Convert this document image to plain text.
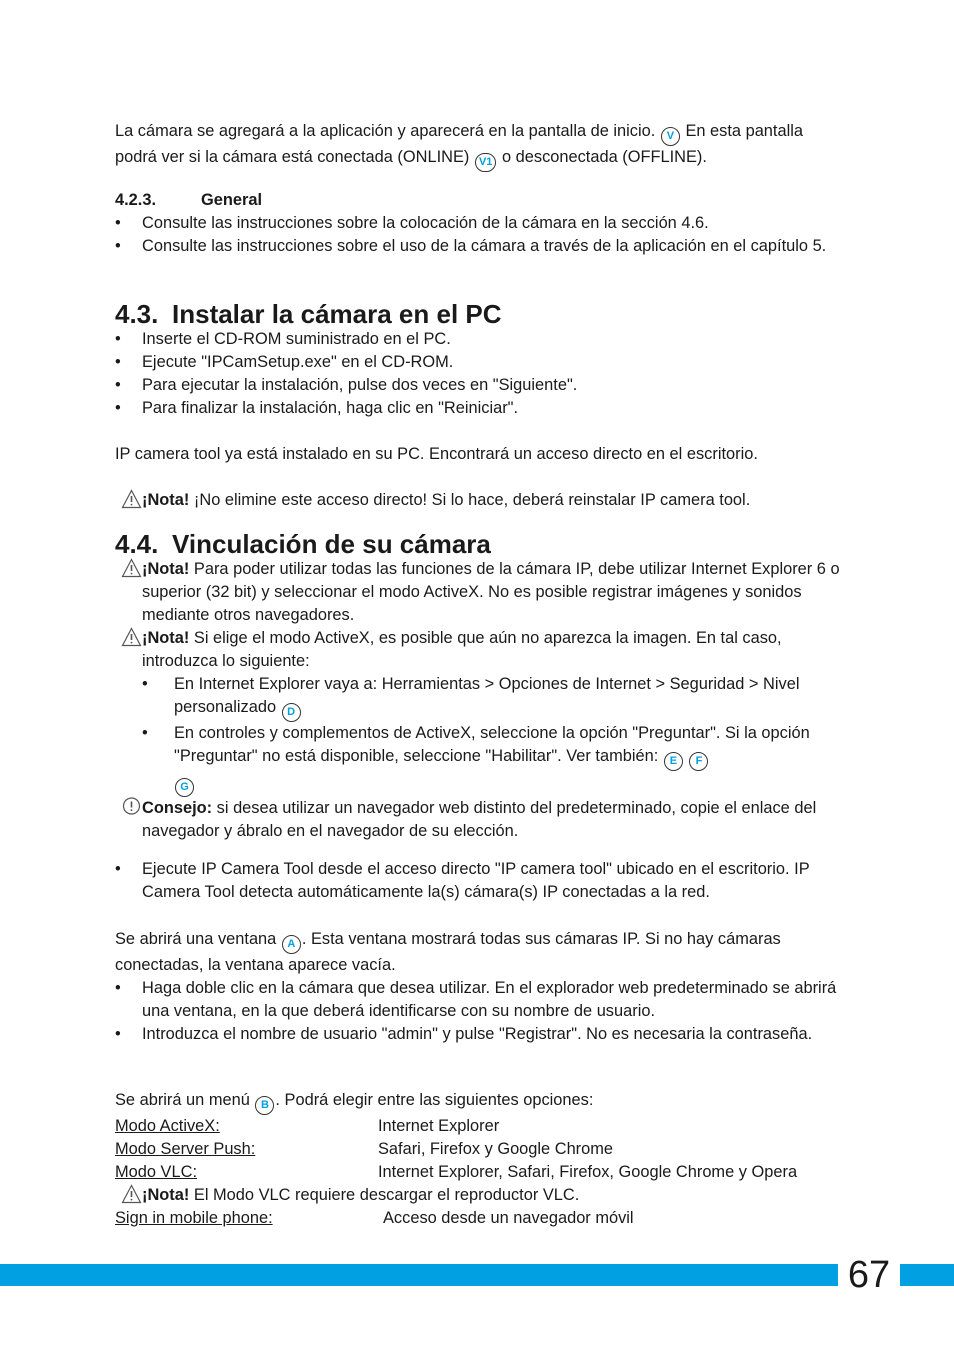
La cámara se agregará a la aplicación y aparecerá en la pantalla de inicio. V En esta pantalla podrá ver si la cámara está conectada (ONLINE) V1 o desconectada (OFFLINE).

4.2.3.	General
• Consulte las instrucciones sobre la colocación de la cámara en la sección 4.6.
• Consulte las instrucciones sobre el uso de la cámara a través de la aplicación en el capítulo 5.
4.3. Instalar la cámara en el PC
• Inserte el CD-ROM suministrado en el PC.
• Ejecute "IPCamSetup.exe" en el CD-ROM.
• Para ejecutar la instalación, pulse dos veces en "Siguiente".
• Para finalizar la instalación, haga clic en "Reiniciar".

IP camera tool ya está instalado en su PC. Encontrará un acceso directo en el escritorio.

¡Nota! ¡No elimine este acceso directo! Si lo hace, deberá reinstalar IP camera tool.
4.4. Vinculación de su cámara
¡Nota! Para poder utilizar todas las funciones de la cámara IP, debe utilizar Internet Explorer 6 o superior (32 bit) y seleccionar el modo ActiveX. No es posible registrar imágenes y sonidos mediante otros navegadores.
¡Nota! Si elige el modo ActiveX, es posible que aún no aparezca la imagen. En tal caso, introduzca lo siguiente:
• En Internet Explorer vaya a: Herramientas > Opciones de Internet > Seguridad > Nivel personalizado D
• En controles y complementos de ActiveX, seleccione la opción "Preguntar". Si la opción "Preguntar" no está disponible, seleccione "Habilitar". Ver también: E F
G
Consejo: si desea utilizar un navegador web distinto del predeterminado, copie el enlace del navegador y ábralo en el navegador de su elección.
• Ejecute IP Camera Tool desde el acceso directo "IP camera tool" ubicado en el escritorio. IP Camera Tool detecta automáticamente la(s) cámara(s) IP conectadas a la red.

Se abrirá una ventana A . Esta ventana mostrará todas sus cámaras IP. Si no hay cámaras conectadas, la ventana aparece vacía.

• Haga doble clic en la cámara que desea utilizar. En el explorador web predeterminado se abrirá una ventana, en la que deberá identificarse con su nombre de usuario.
• Introduzca el nombre de usuario "admin" y pulse "Registrar". No es necesaria la contraseña.

Se abrirá un menú B . Podrá elegir entre las siguientes opciones:

Modo ActiveX:	Internet Explorer
Modo Server Push:	Safari, Firefox y Google Chrome
Modo VLC:	Internet Explorer, Safari, Firefox, Google Chrome y Opera
¡Nota! El Modo VLC requiere descargar el reproductor VLC.
Sign in mobile phone:	Acceso desde un navegador móvil
67
